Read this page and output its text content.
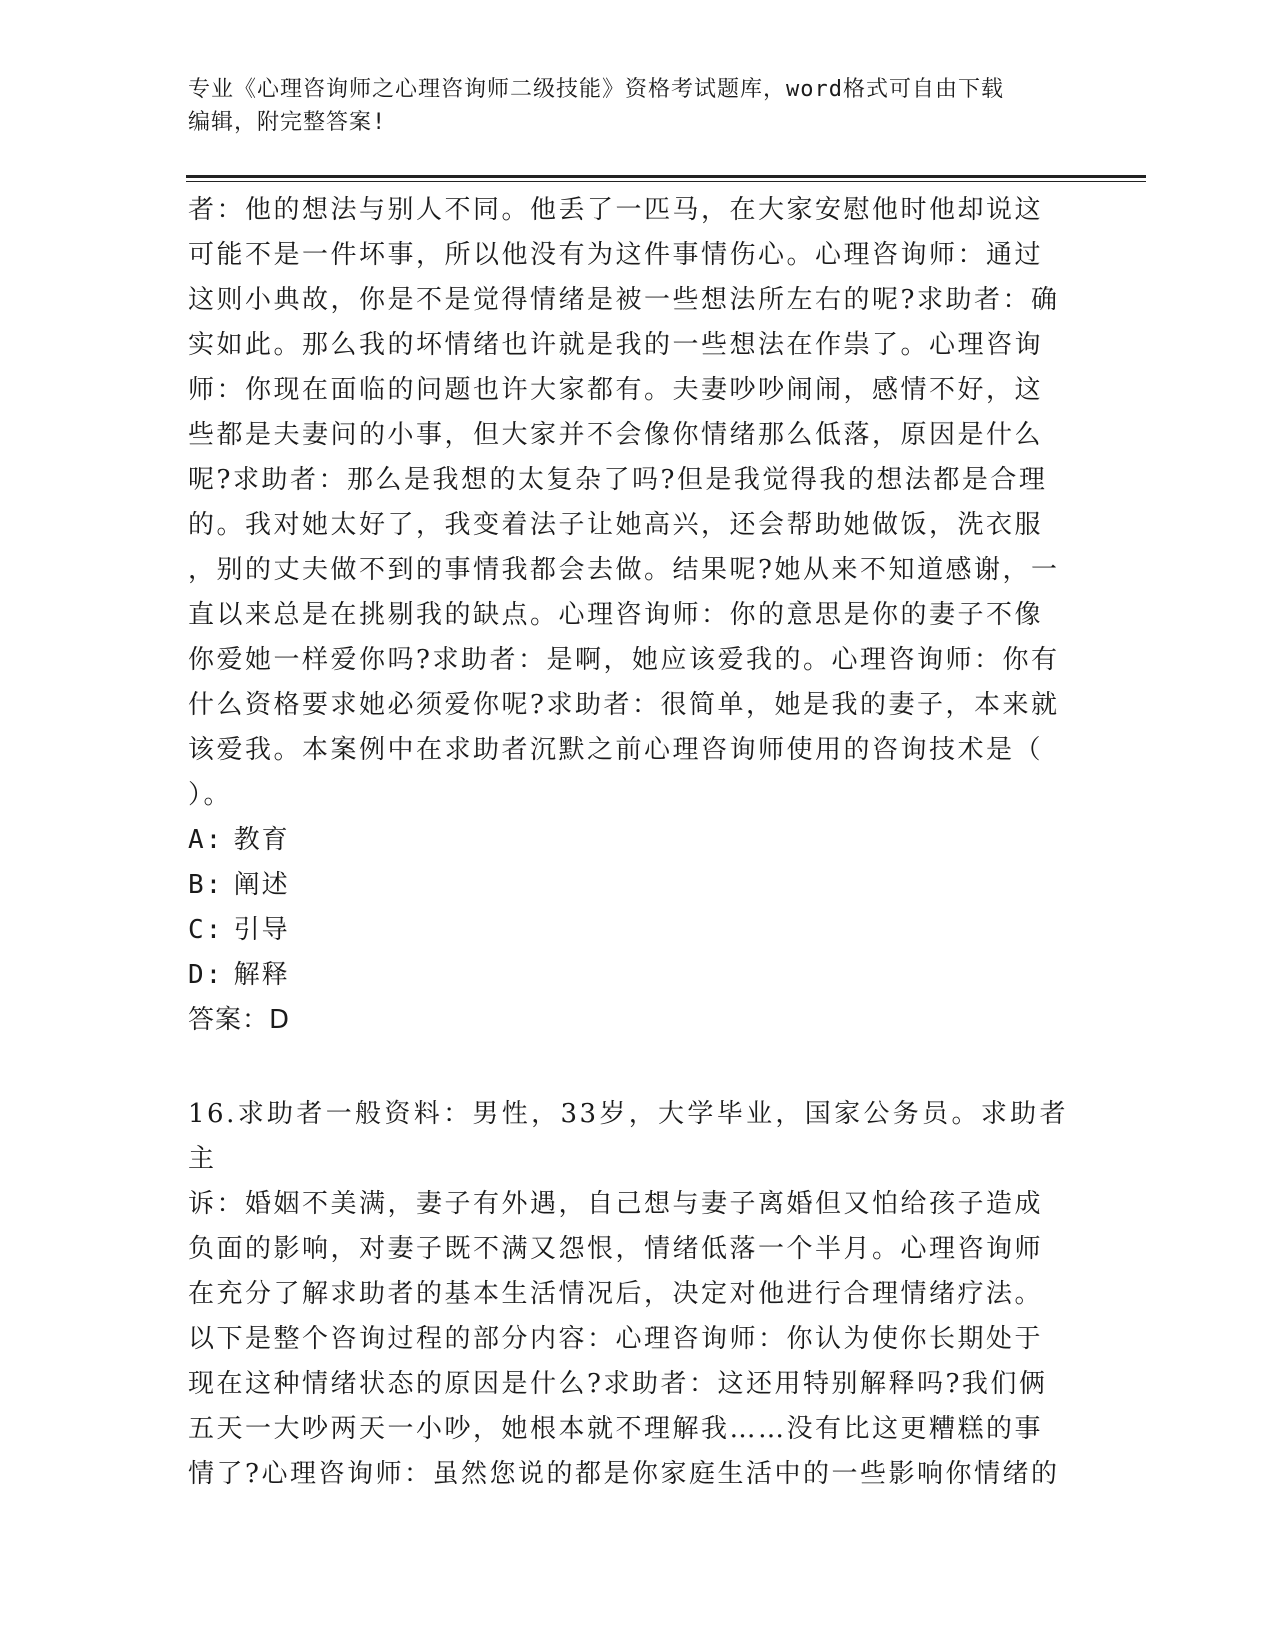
专业《心理咨询师之心理咨询师二级技能》资格考试题库，word格式可自由下载
编辑，附完整答案!
者：他的想法与别人不同。他丢了一匹马，在大家安慰他时他却说这
可能不是一件坏事，所以他没有为这件事情伤心。心理咨询师：通过
这则小典故，你是不是觉得情绪是被一些想法所左右的呢?求助者：确
实如此。那么我的坏情绪也许就是我的一些想法在作祟了。心理咨询
师：你现在面临的问题也许大家都有。夫妻吵吵闹闹，感情不好，这
些都是夫妻问的小事，但大家并不会像你情绪那么低落，原因是什么
呢?求助者：那么是我想的太复杂了吗?但是我觉得我的想法都是合理
的。我对她太好了，我变着法子让她高兴，还会帮助她做饭，洗衣服
，别的丈夫做不到的事情我都会去做。结果呢?她从来不知道感谢，一
直以来总是在挑剔我的缺点。心理咨询师：你的意思是你的妻子不像
你爱她一样爱你吗?求助者：是啊，她应该爱我的。心理咨询师：你有
什么资格要求她必须爱你呢?求助者：很简单，她是我的妻子，本来就
该爱我。本案例中在求助者沉默之前心理咨询师使用的咨询技术是（
）。
A: 教育
B: 阐述
C: 引导
D: 解释
答案：D
16.求助者一般资料：男性，33岁，大学毕业，国家公务员。求助者主
诉：婚姻不美满，妻子有外遇，自己想与妻子离婚但又怕给孩子造成
负面的影响，对妻子既不满又怨恨，情绪低落一个半月。心理咨询师
在充分了解求助者的基本生活情况后，决定对他进行合理情绪疗法。
以下是整个咨询过程的部分内容：心理咨询师：你认为使你长期处于
现在这种情绪状态的原因是什么?求助者：这还用特别解释吗?我们俩
五天一大吵两天一小吵，她根本就不理解我……没有比这更糟糕的事
情了?心理咨询师：虽然您说的都是你家庭生活中的一些影响你情绪的
